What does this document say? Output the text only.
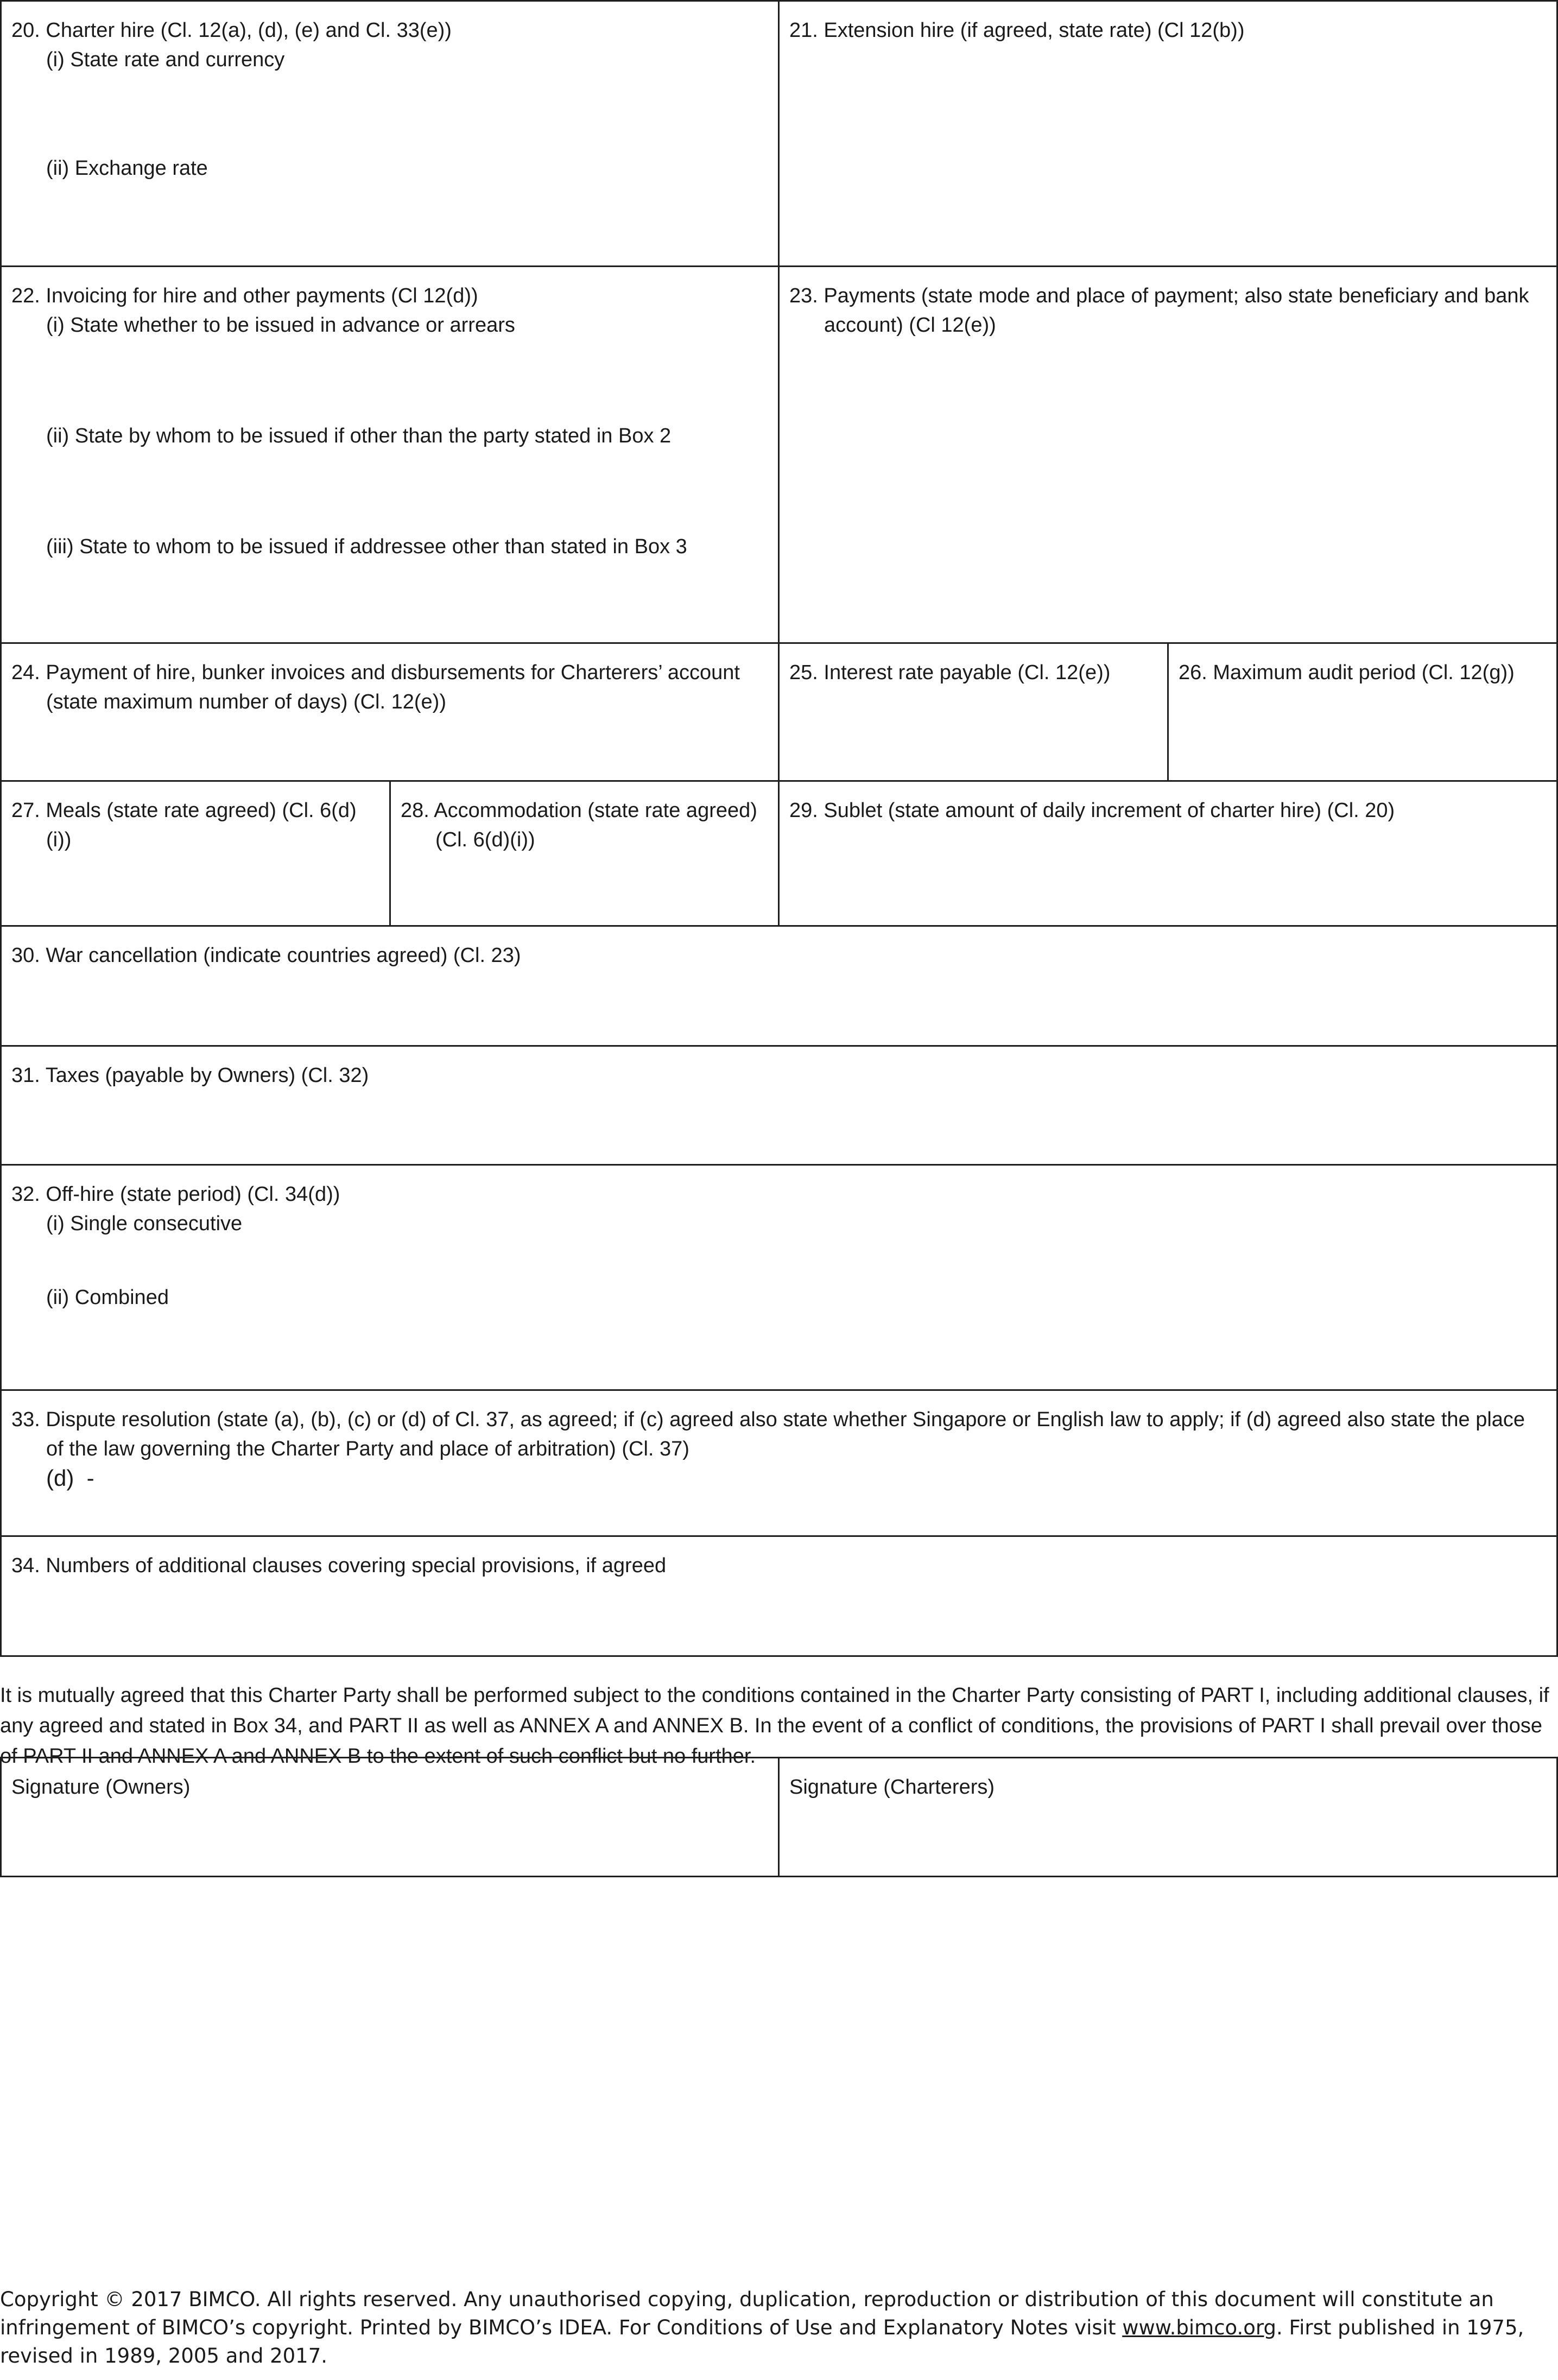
20. Charter hire (Cl. 12(a), (d), (e) and Cl. 33(e))
(i) State rate and currency
(ii) Exchange rate
21. Extension hire (if agreed, state rate) (Cl 12(b))
22. Invoicing for hire and other payments (Cl 12(d))
(i) State whether to be issued in advance or arrears
(ii) State by whom to be issued if other than the party stated in Box 2
(iii) State to whom to be issued if addressee other than stated in Box 3
23. Payments (state mode and place of payment; also state beneficiary and bank account) (Cl 12(e))
24. Payment of hire, bunker invoices and disbursements for Charterers’ account (state maximum number of days) (Cl. 12(e))
25. Interest rate payable (Cl. 12(e))	26. Maximum audit period (Cl. 12(g))
27. Meals (state rate agreed) (Cl. 6(d)(i))
28. Accommodation (state rate agreed) (Cl. 6(d)(i))
29. Sublet (state amount of daily increment of charter hire) (Cl. 20)
30. War cancellation (indicate countries agreed) (Cl. 23)
31. Taxes (payable by Owners) (Cl. 32)
32. Off-hire (state period) (Cl. 34(d))
(i) Single consecutive
(ii) Combined
33. Dispute resolution (state (a), (b), (c) or (d) of Cl. 37, as agreed; if (c) agreed also state whether Singapore or English law to apply; if (d) agreed also state the place of the law governing the Charter Party and place of arbitration) (Cl. 37)
(d)  -
34. Numbers of additional clauses covering special provisions, if agreed
It is mutually agreed that this Charter Party shall be performed subject to the conditions contained in the Charter Party consisting of PART I, including additional clauses, if any agreed and stated in Box 34, and PART II as well as ANNEX A and ANNEX B. In the event of a conflict of conditions, the provisions of PART I shall prevail over those of PART II and ANNEX A and ANNEX B to the extent of such conflict but no further.
Signature (Owners)	Signature (Charterers)
Copyright © 2017 BIMCO. All rights reserved. Any unauthorised copying, duplication, reproduction or distribution of this document will constitute an infringement of BIMCO’s copyright. Printed by BIMCO’s IDEA. For Conditions of Use and Explanatory Notes visit www.bimco.org. First published in 1975, revised in 1989, 2005 and 2017.
